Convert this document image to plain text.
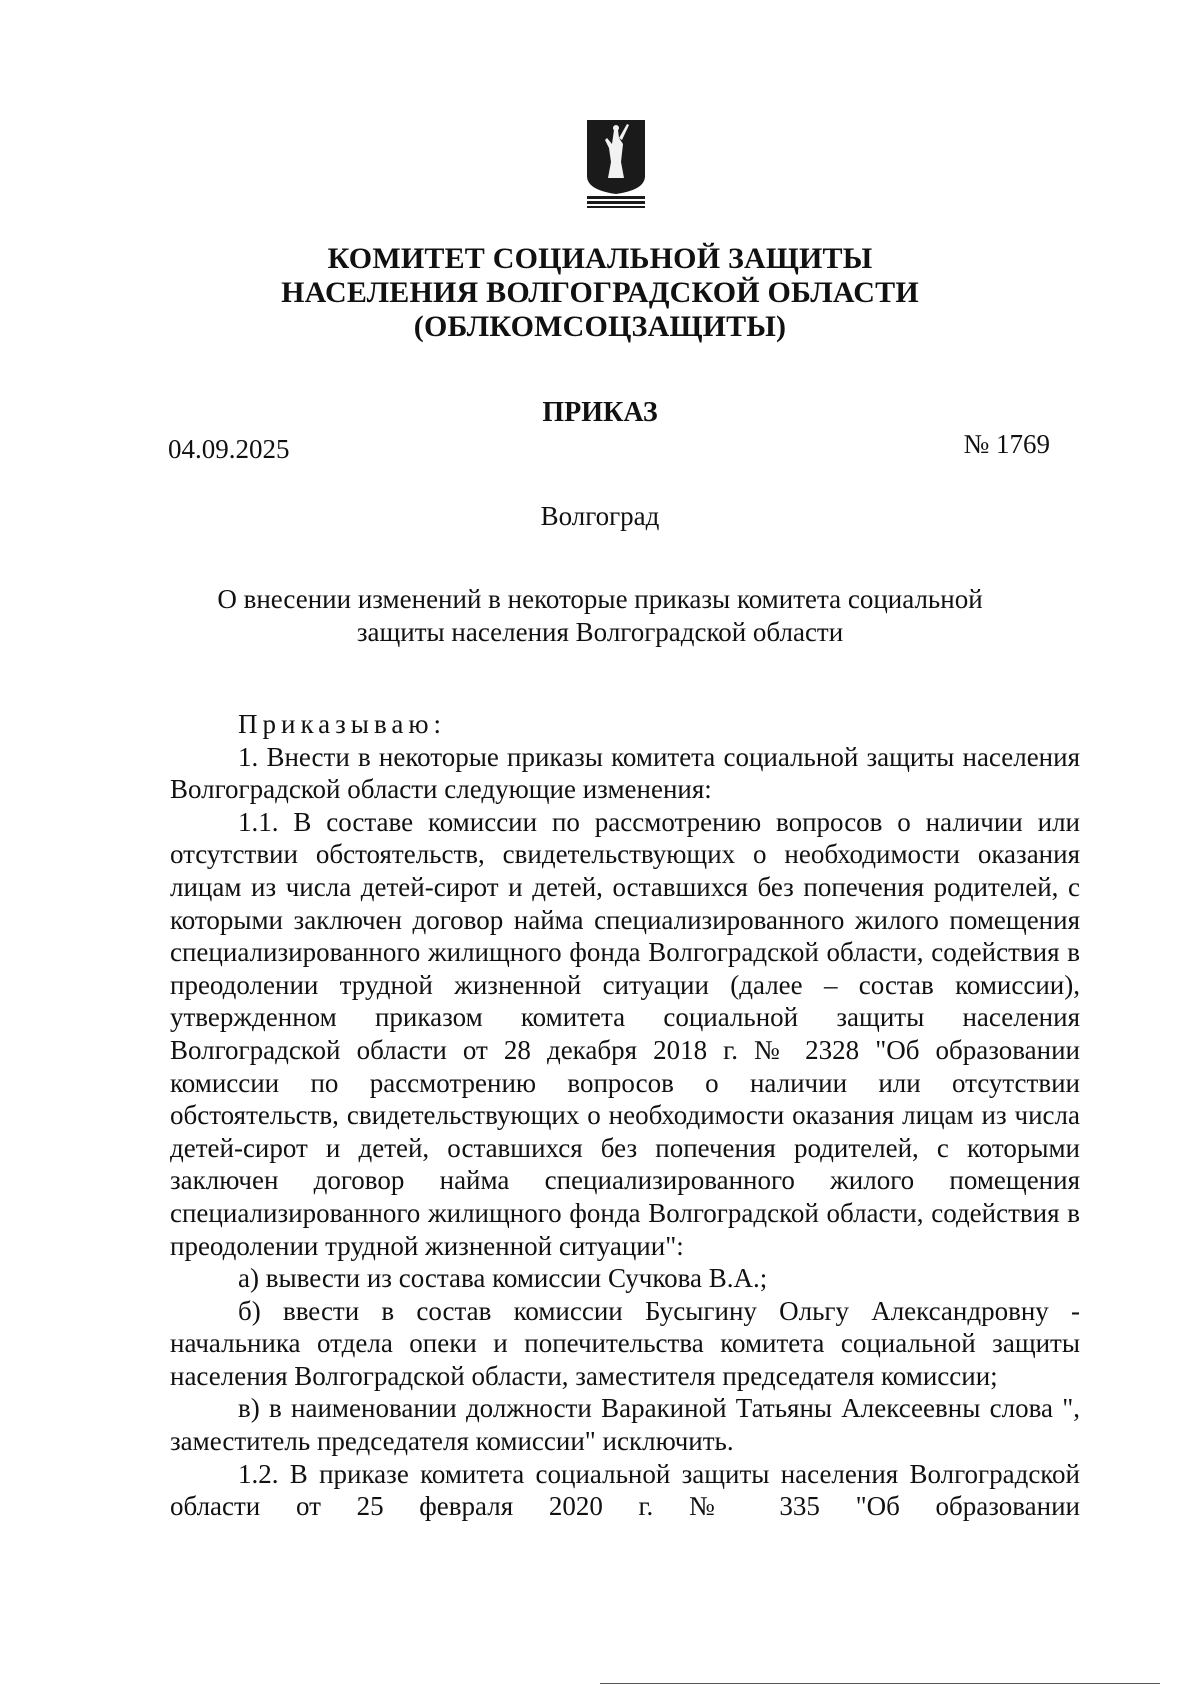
КОМИТЕТ СОЦИАЛЬНОЙ ЗАЩИТЫ
НАСЕЛЕНИЯ ВОЛГОГРАДСКОЙ ОБЛАСТИ
(ОБЛКОМСОЦЗАЩИТЫ)
ПРИКАЗ
04.09.2025	№ 1769
Волгоград
О внесении изменений в некоторые приказы комитета социальной
защиты населения Волгоградской области

Приказываю:

1. Внести в некоторые приказы комитета социальной защиты населения Волгоградской области следующие изменения:

1.1. В составе комиссии по рассмотрению вопросов о наличии или отсутствии обстоятельств, свидетельствующих о необходимости оказания лицам из числа детей-сирот и детей, оставшихся без попечения родителей, с которыми заключен договор найма специализированного жилого помещения специализированного жилищного фонда Волгоградской области, содействия в преодолении трудной жизненной ситуации (далее – состав комиссии), утвержденном приказом комитета социальной защиты населения Волгоградской области от 28 декабря 2018 г. № 2328 "Об образовании комиссии по рассмотрению вопросов о наличии или отсутствии обстоятельств, свидетельствующих о необходимости оказания лицам из числа детей-сирот и детей, оставшихся без попечения родителей, с которыми заключен договор найма специализированного жилого помещения специализированного жилищного фонда Волгоградской области, содействия в преодолении трудной жизненной ситуации":

а) вывести из состава комиссии Сучкова В.А.;

б) ввести в состав комиссии Бусыгину Ольгу Александровну - начальника отдела опеки и попечительства комитета социальной защиты населения Волгоградской области, заместителя председателя комиссии;

в) в наименовании должности Варакиной Татьяны Алексеевны слова ", заместитель председателя комиссии" исключить.

1.2. В приказе комитета социальной защиты населения Волгоградской области от 25 февраля 2020 г. № 335 "Об образовании
